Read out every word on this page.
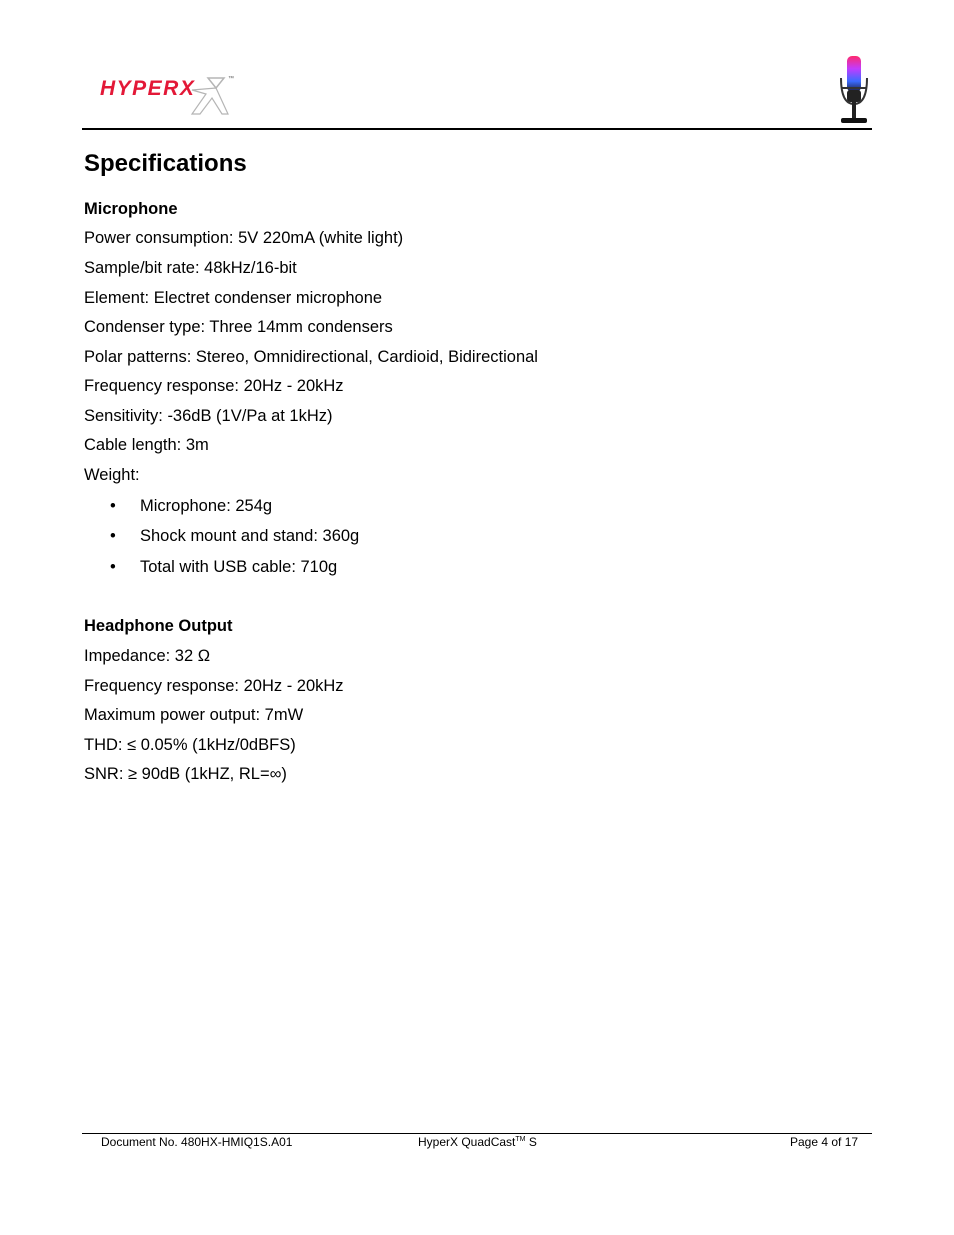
HYPERX	™
Specifications
Microphone
Power consumption: 5V 220mA (white light)
Sample/bit rate: 48kHz/16-bit
Element: Electret condenser microphone
Condenser type: Three 14mm condensers
Polar patterns: Stereo, Omnidirectional, Cardioid, Bidirectional
Frequency response: 20Hz - 20kHz
Sensitivity: -36dB (1V/Pa at 1kHz)
Cable length: 3m
Weight:
• Microphone: 254g
• Shock mount and stand: 360g
• Total with USB cable: 710g
Headphone Output
Impedance: 32 Ω
Frequency response: 20Hz - 20kHz
Maximum power output: 7mW
THD: ≤ 0.05% (1kHz/0dBFS)
SNR: ≥ 90dB (1kHZ, RL=∞)
Document No. 480HX-HMIQ1S.A01	HyperX QuadCast™ S	Page 4 of 17
